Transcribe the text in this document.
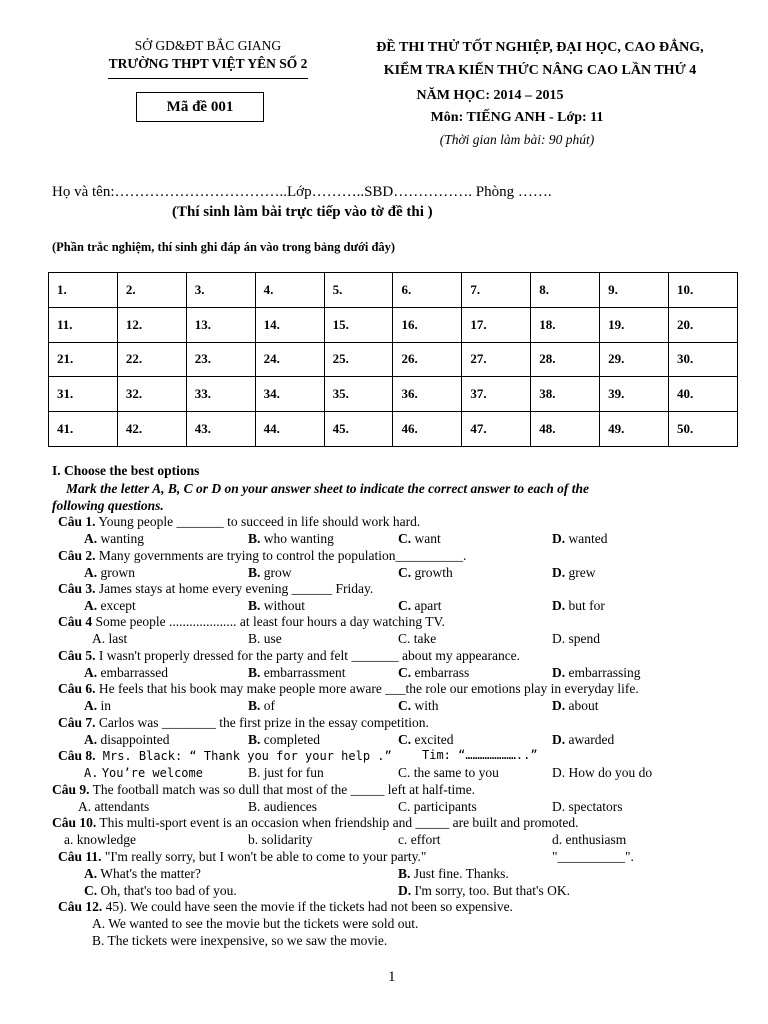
SỞ GD&ĐT BẮC GIANG
TRƯỜNG THPT VIỆT YÊN SỐ 2
Mã đề 001
ĐỀ THI THỬ TỐT NGHIỆP, ĐẠI HỌC, CAO ĐẲNG,
KIỂM TRA KIẾN THỨC NÂNG CAO LẦN THỨ 4
NĂM HỌC: 2014 – 2015
Môn: TIẾNG ANH - Lớp: 11
(Thời gian làm bài: 90 phút)
Họ và tên:……………………………..Lớp………..SBD……………. Phòng …….
(Thí sinh làm bài trực tiếp vào tờ đề thi )
(Phần trắc nghiệm, thí sinh ghi đáp án vào trong bảng dưới đây)
1.	2.	3.	4.	5.	6.	7.	8.	9.	10.
11.	12.	13.	14.	15.	16.	17.	18.	19.	20.
21.	22.	23.	24.	25.	26.	27.	28.	29.	30.
31.	32.	33.	34.	35.	36.	37.	38.	39.	40.
41.	42.	43.	44.	45.	46.	47.	48.	49.	50.
I. Choose the best options
Mark the letter A, B, C or D on your answer sheet to indicate the correct answer to each of the
following questions.
Câu 1. Young people _______ to succeed in life should work hard.
A. wanting	B. who wanting	C. want	D. wanted
Câu 2. Many governments are trying to control the population__________.
A. grown	B. grow	C. growth	D. grew
Câu 3. James stays at home every evening ______ Friday.
A. except	B. without	C. apart	D. but for
Câu 4 Some people .................... at least four hours a day watching TV.
A. last	B. use	C. take	D. spend
Câu 5. I wasn't properly dressed for the party and felt _______ about my appearance.
A. embarrassed	B. embarrassment	C. embarrass	D. embarrassing
Câu 6. He feels that his book may make people more aware ___the role our emotions play in everyday life.
A. in	B. of	C. with	D. about
Câu 7. Carlos was ________ the first prize in the essay competition.
A. disappointed	B. completed	C. excited	D. awarded
Câu 8. Mrs. Black: “ Thank you for your help .”	Tim: “…………………..”
A. You’re welcome	B. just for fun	C. the same to you	D. How do you do
Câu 9. The football match was so dull that most of the _____ left at half-time.
A. attendants	B. audiences	C. participants	D. spectators
Câu 10. This multi-sport event is an occasion when friendship and _____ are built and promoted.
a. knowledge	b. solidarity	c. effort	d. enthusiasm
Câu 11. "I'm really sorry, but I won't be able to come to your party."	"__________".
A. What's the matter?	B. Just fine. Thanks.
C. Oh, that's too bad of you.	D. I'm sorry, too. But that's OK.
Câu 12. 45). We could have seen the movie if the tickets had not been so expensive.
A. We wanted to see the movie but the tickets were sold out.
B. The tickets were inexpensive, so we saw the movie.
1
